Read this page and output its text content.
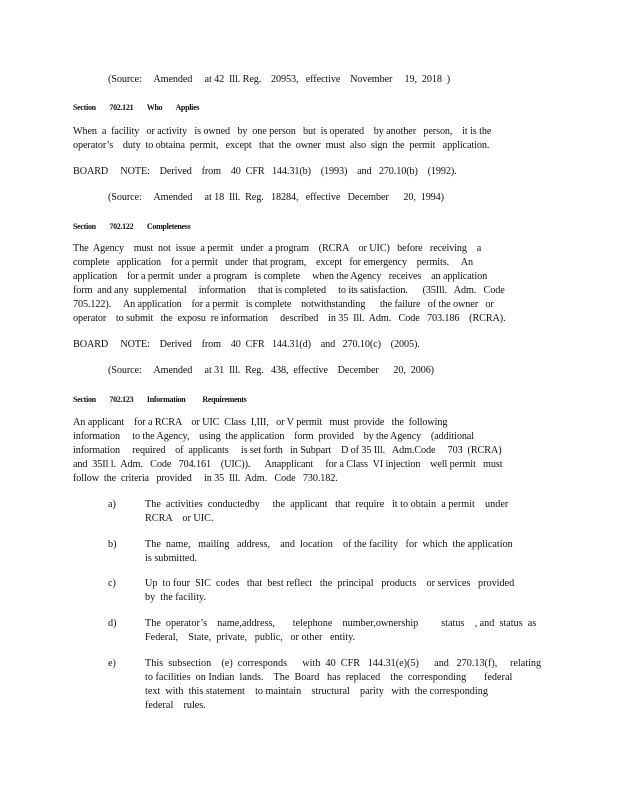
(Source:     Amended     at 42  Ill. Reg.    20953,   effective    November     19,  2018  )
Section        702.121        Who        Applies
When  a  facility   or activity   is owned   by  one person   but  is operated    by another   person,    it is the
operator’s    duty  to obtaina  permit,   except   that  the  owner  must  also  sign  the  permit   application.
BOARD     NOTE:    Derived    from    40  CFR   144.31(b)    (1993)    and   270.10(b)    (1992).
(Source:     Amended     at 18  Ill.  Reg.   18284,   effective   December      20,  1994)
Section        702.122        Completeness
The  Agency    must  not  issue  a permit   under  a program    (RCRA    or UIC)   before   receiving    a
complete   application    for a permit   under  that program,    except   for emergency    permits.     An
application    for a permit  under  a program   is complete     when the Agency   receives    an application
form  and any  supplemental     information     that is completed     to its satisfaction.      (35Ill.   Adm.   Code
705.122).     An application    for a permit   is complete    notwithstanding      the failure   of the owner   or
operator    to submit   the  exposu  re information     described    in 35  Ill.  Adm.   Code   703.186    (RCRA).
BOARD     NOTE:    Derived    from    40  CFR   144.31(d)    and   270.10(c)    (2005).
(Source:     Amended     at 31  Ill.  Reg.   438,  effective    December      20,  2006)
Section        702.123        Information          Requirements
An applicant    for a RCRA    or UIC  Class  I,III,   or V permit   must  provide   the  following
information     to the Agency,    using  the application    form  provided    by the Agency    (additional
information     required    of  applicants     is set forth   in Subpart    D of 35 Ill.   Adm.Code     703  (RCRA)
and  35Il l.  Adm.   Code   704.161    (UIC)).      Anapplicant     for a Class  VI injection    well permit   must
follow  the  criteria   provided     in 35  Ill.  Adm.   Code   730.182.
a)	The  activities  conductedby     the  applicant   that  require   it to obtain  a permit    under
RCRA    or UIC.
b)	The  name,   mailing   address,    and  location    of the facility   for  which  the application
is submitted.
c)	Up  to four  SIC  codes   that  best reflect   the  principal   products    or services   provided
by  the facility.
d)	The  operator’s    name,address,       telephone    number,ownership         status    , and  status  as
Federal,    State,  private,   public,   or other   entity.
e)	This  subsection    (e)  corresponds      with  40  CFR   144.31(e)(5)      and   270.13(f),     relating
to facilities  on Indian  lands.    The  Board   has  replaced    the  corresponding       federal
text  with  this statement    to maintain    structural    parity   with  the corresponding
federal    rules.
